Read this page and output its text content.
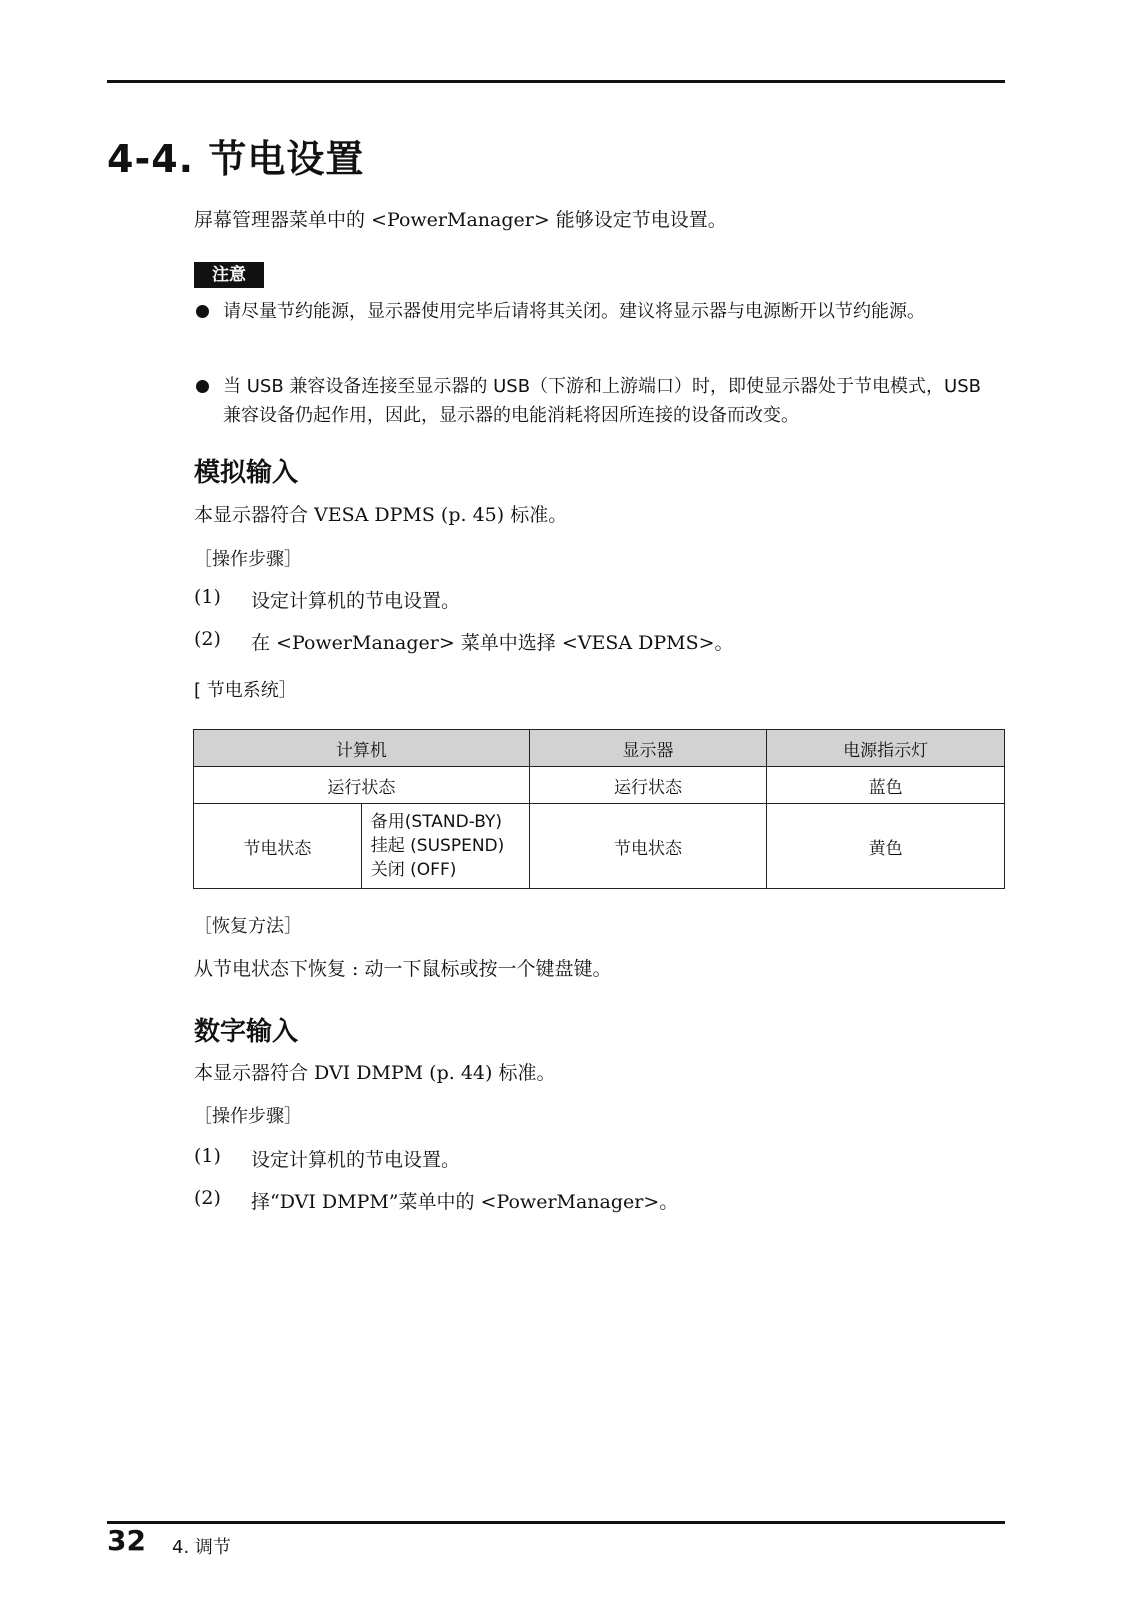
4-4. 节电设置
屏幕管理器菜单中的 <PowerManager> 能够设定节电设置。
注意
请尽量节约能源，显示器使用完毕后请将其关闭。建议将显示器与电源断开以节约能源。
当 USB 兼容设备连接至显示器的 USB（下游和上游端口）时，即使显示器处于节电模式，USB 兼容设备仍起作用，因此，显示器的电能消耗将因所连接的设备而改变。
模拟输入
本显示器符合 VESA DPMS (p. 45) 标准。
［操作步骤］
(1) 设定计算机的节电设置。
(2) 在 <PowerManager> 菜单中选择 <VESA DPMS>。
[ 节电系统］
计算机		显示器	电源指示灯
运行状态		运行状态	蓝色
节电状态	备用(STAND-BY)
挂起 (SUSPEND)
关闭 (OFF)	节电状态	黄色
［恢复方法］
从节电状态下恢复 : 动一下鼠标或按一个键盘键。
数字输入
本显示器符合 DVI DMPM (p. 44) 标准。
［操作步骤］
(1) 设定计算机的节电设置。
(2) 择“DVI DMPM”菜单中的 <PowerManager>。
32 4. 调节
